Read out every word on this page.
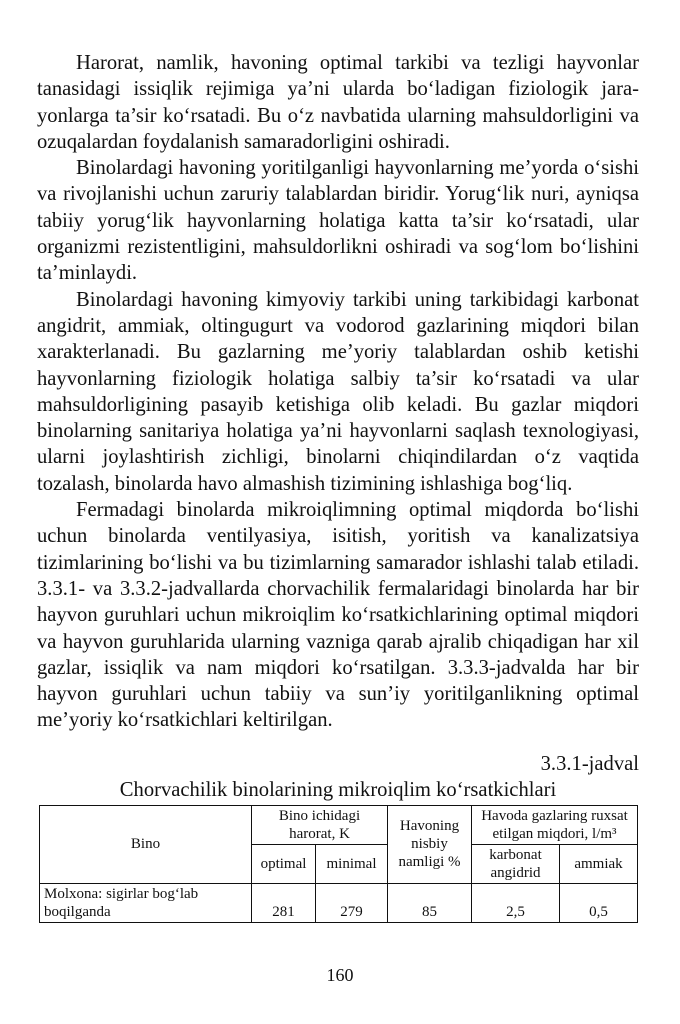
Harorat, namlik, havoning optimal tarkibi va tezligi hayvonlar tanasidagi issiqlik rejimiga ya’ni ularda bo‘ladigan fiziologik jarayonlarga ta’sir ko‘rsatadi. Bu o‘z navbatida ularning mahsuldorligini va ozuqalardan foydalanish samaradorligini oshiradi.

Binolardagi havoning yoritilganligi hayvonlarning me’yorda o‘sishi va rivojlanishi uchun zaruriy talablardan biridir. Yorug‘lik nuri, ayniqsa tabiiy yorug‘lik hayvonlarning holatiga katta ta’sir ko‘rsatadi, ular organizmi rezistentligini, mahsuldorlikni oshiradi va sog‘lom bo‘lishini ta’minlaydi.

Binolardagi havoning kimyoviy tarkibi uning tarkibidagi karbonat angidrit, ammiak, oltingugurt va vodorod gazlarining miqdori bilan xarakterlanadi. Bu gazlarning me’yoriy talablardan oshib ketishi hayvonlarning fiziologik holatiga salbiy ta’sir ko‘rsatadi va ular mahsuldorligining pasayib ketishiga olib keladi. Bu gazlar miqdori binolarning sanitariya holatiga ya’ni hayvonlarni saqlash texnologiyasi, ularni joylashtirish zichligi, binolarni chiqindilardan o‘z vaqtida tozalash, binolarda havo almashish tizimining ishlashiga bog‘liq.

Fermadagi binolarda mikroiqlimning optimal miqdorda bo‘lishi uchun binolarda ventilyasiya, isitish, yoritish va kanalizatsiya tizimlarining bo‘lishi va bu tizimlarning samarador ishlashi talab etiladi. 3.3.1- va 3.3.2-jadvallarda chorvachilik fermalaridagi binolarda har bir hayvon guruhlari uchun mikroiqlim ko‘rsatkichlarining optimal miqdori va hayvon guruhlarida ularning vazniga qarab ajralib chiqadigan har xil gazlar, issiqlik va nam miqdori ko‘rsatilgan. 3.3.3-jadvalda har bir hayvon guruhlari uchun tabiiy va sun’iy yoritilganlikning optimal me’yoriy ko‘rsatkichlari keltirilgan.

3.3.1-jadval
Chorvachilik binolarining mikroiqlim ko‘rsatkichlari
Bino	Bino ichidagi harorat, K		Havoning nisbiy namligi %	Havoda gazlaring ruxsat etilgan miqdori, l/m³	
	optimal	minimal		karbonat angidrid	ammiak
Molxona: sigirlar bog‘lab boqilganda	281	279	85	2,5	0,5
160
